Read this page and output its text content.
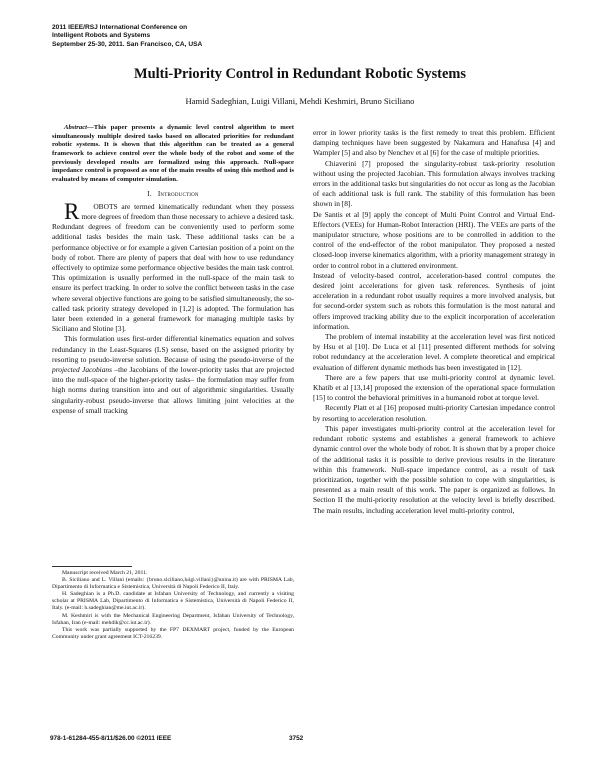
2011 IEEE/RSJ International Conference on
Intelligent Robots and Systems
September 25-30, 2011. San Francisco, CA, USA
Multi-Priority Control in Redundant Robotic Systems
Hamid Sadeghian, Luigi Villani, Mehdi Keshmiri, Bruno Siciliano
Abstract—This paper presents a dynamic level control algorithm to meet simultaneously multiple desired tasks based on allocated priorities for redundant robotic systems. It is shown that this algorithm can be treated as a general framework to achieve control over the whole body of the robot and some of the previously developed results are formalized using this approach. Null-space impedance control is proposed as one of the main results of using this method and is evaluated by means of computer simulation.
I. Introduction

R OBOTS are termed kinematically redundant when they possess more degrees of freedom than those necessary to achieve a desired task. Redundant degrees of freedom can be conveniently used to perform some additional tasks besides the main task. These additional tasks can be a performance objective or for example a given Cartesian position of a point on the body of robot. There are plenty of papers that deal with how to use redundancy effectively to optimize some performance objective besides the main task control. This optimization is usually performed in the null-space of the main task to ensure its perfect tracking. In order to solve the conflict between tasks in the case where several objective functions are going to be satisfied simultaneously, the so-called task priority strategy developed in [1,2] is adopted. The formulation has later been extended in a general framework for managing multiple tasks by Siciliano and Slotine [3].

This formulation uses first-order differential kinematics equation and solves redundancy in the Least-Squares (LS) sense, based on the assigned priority by resorting to pseudo-inverse solution. Because of using the pseudo-inverse of the projected Jacobians –the Jacobians of the lower-priority tasks that are projected into the null-space of the higher-priority tasks– the formulation may suffer from high norms during transition into and out of algorithmic singularities. Usually singularity-robust pseudo-inverse that allows limiting joint velocities at the expense of small tracking

Manuscript received March 21, 2011.
B. Siciliano and L. Villani (emails: {bruno.siciliano,luigi.villani}@unina.it) are with PRISMA Lab, Dipartimento di Informatica e Sistemistica, Università di Napoli Federico II, Italy.
H. Sadeghian is a Ph.D. candidate at Isfahan University of Technology, and currently a visiting scholar at PRISMA Lab, Dipartimento di Informatica e Sistemistica, Università di Napoli Federico II, Italy. (e-mail: h.sadeghian@me.iut.ac.ir).
M. Keshmiri is with the Mechanical Engineering Department, Isfahan University of Technology, Isfahan, Iran (e-mail: mehdik@cc.iut.ac.ir).
This work was partially supported by the FP7 DEXMART project, funded by the European Community under grant agreement ICT-216239.

error in lower priority tasks is the first remedy to treat this problem. Efficient damping techniques have been suggested by Nakamura and Hanafusa [4] and Wampler [5] and also by Nenchev et al [6] for the case of multiple priorities.

Chiaverini [7] proposed the singularity-robust task-priority resolution without using the projected Jacobian. This formulation always involves tracking errors in the additional tasks but singularities do not occur as long as the Jacobian of each additional task is full rank. The stability of this formulation has been shown in [8].

De Santis et al [9] apply the concept of Multi Point Control and Virtual End-Effectors (VEEs) for Human-Robot Interaction (HRI). The VEEs are parts of the manipulator structure, whose positions are to be controlled in addition to the control of the end-effector of the robot manipulator. They proposed a nested closed-loop inverse kinematics algorithm, with a priority management strategy in order to control robot in a cluttered environment.

Instead of velocity-based control, acceleration-based control computes the desired joint accelerations for given task references. Synthesis of joint acceleration in a redundant robot usually requires a more involved analysis, but for second-order system such as robots this formulation is the most natural and offers improved tracking ability due to the explicit incorporation of acceleration information.

The problem of internal instability at the acceleration level was first noticed by Hsu et al [10]. De Luca et al [11] presented different methods for solving robot redundancy at the acceleration level. A complete theoretical and empirical evaluation of different dynamic methods has been investigated in [12].

There are a few papers that use multi-priority control at dynamic level. Khatib et al [13,14] proposed the extension of the operational space formulation [15] to control the behavioral primitives in a humanoid robot at torque level.

Recently Platt et al [16] proposed multi-priority Cartesian impedance control by resorting to acceleration resolution.

This paper investigates multi-priority control at the acceleration level for redundant robotic systems and establishes a general framework to achieve dynamic control over the whole body of robot. It is shown that by a proper choice of the additional tasks it is possible to derive previous results in the literature within this framework. Null-space impedance control, as a result of task prioritization, together with the possible solution to cope with singularities, is presented as a main result of this work. The paper is organized as follows. In Section II the multi-priority resolution at the velocity level is briefly described. The main results, including acceleration level multi-priority control,

978-1-61284-455-8/11/$26.00 ©2011 IEEE	3752
